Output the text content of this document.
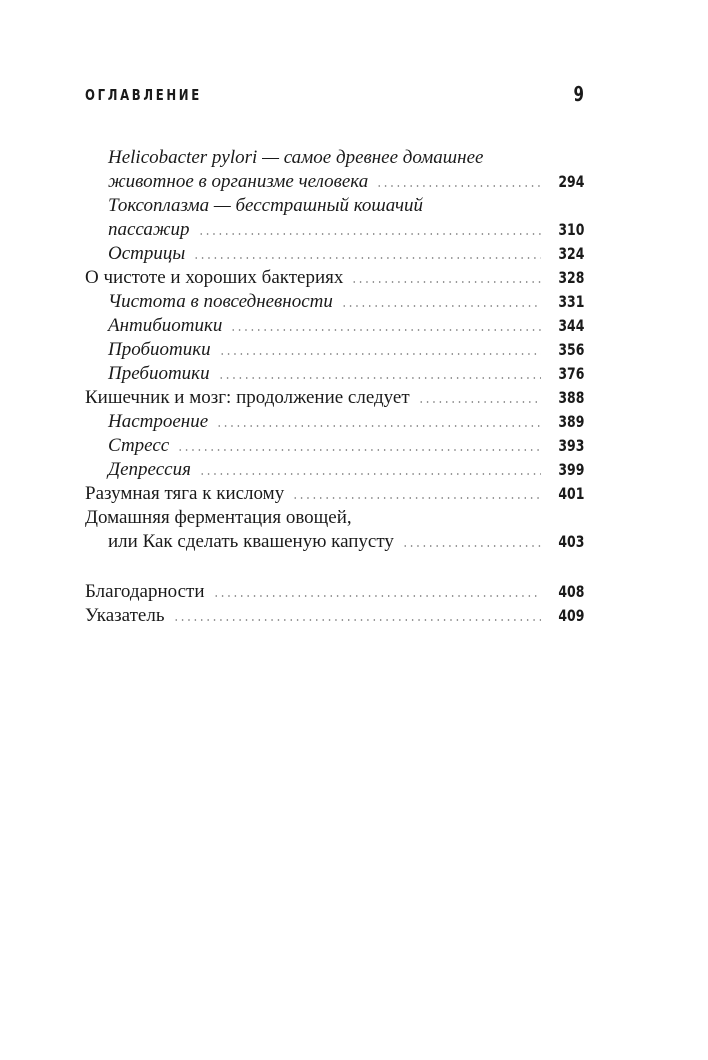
ОГЛАВЛЕНИЕ	9
Helicobacter pylori — самое древнее домашнее
животное в организме человека	294
Токсоплазма — бесстрашный кошачий
пассажир	310
Острицы	324
О чистоте и хороших бактериях	328
Чистота в повседневности	331
Антибиотики	344
Пробиотики	356
Пребиотики	376
Кишечник и мозг: продолжение следует	388
Настроение	389
Стресс	393
Депрессия	399
Разумная тяга к кислому	401
Домашняя ферментация овощей,
или Как сделать квашеную капусту	403
Благодарности	408
Указатель	409
